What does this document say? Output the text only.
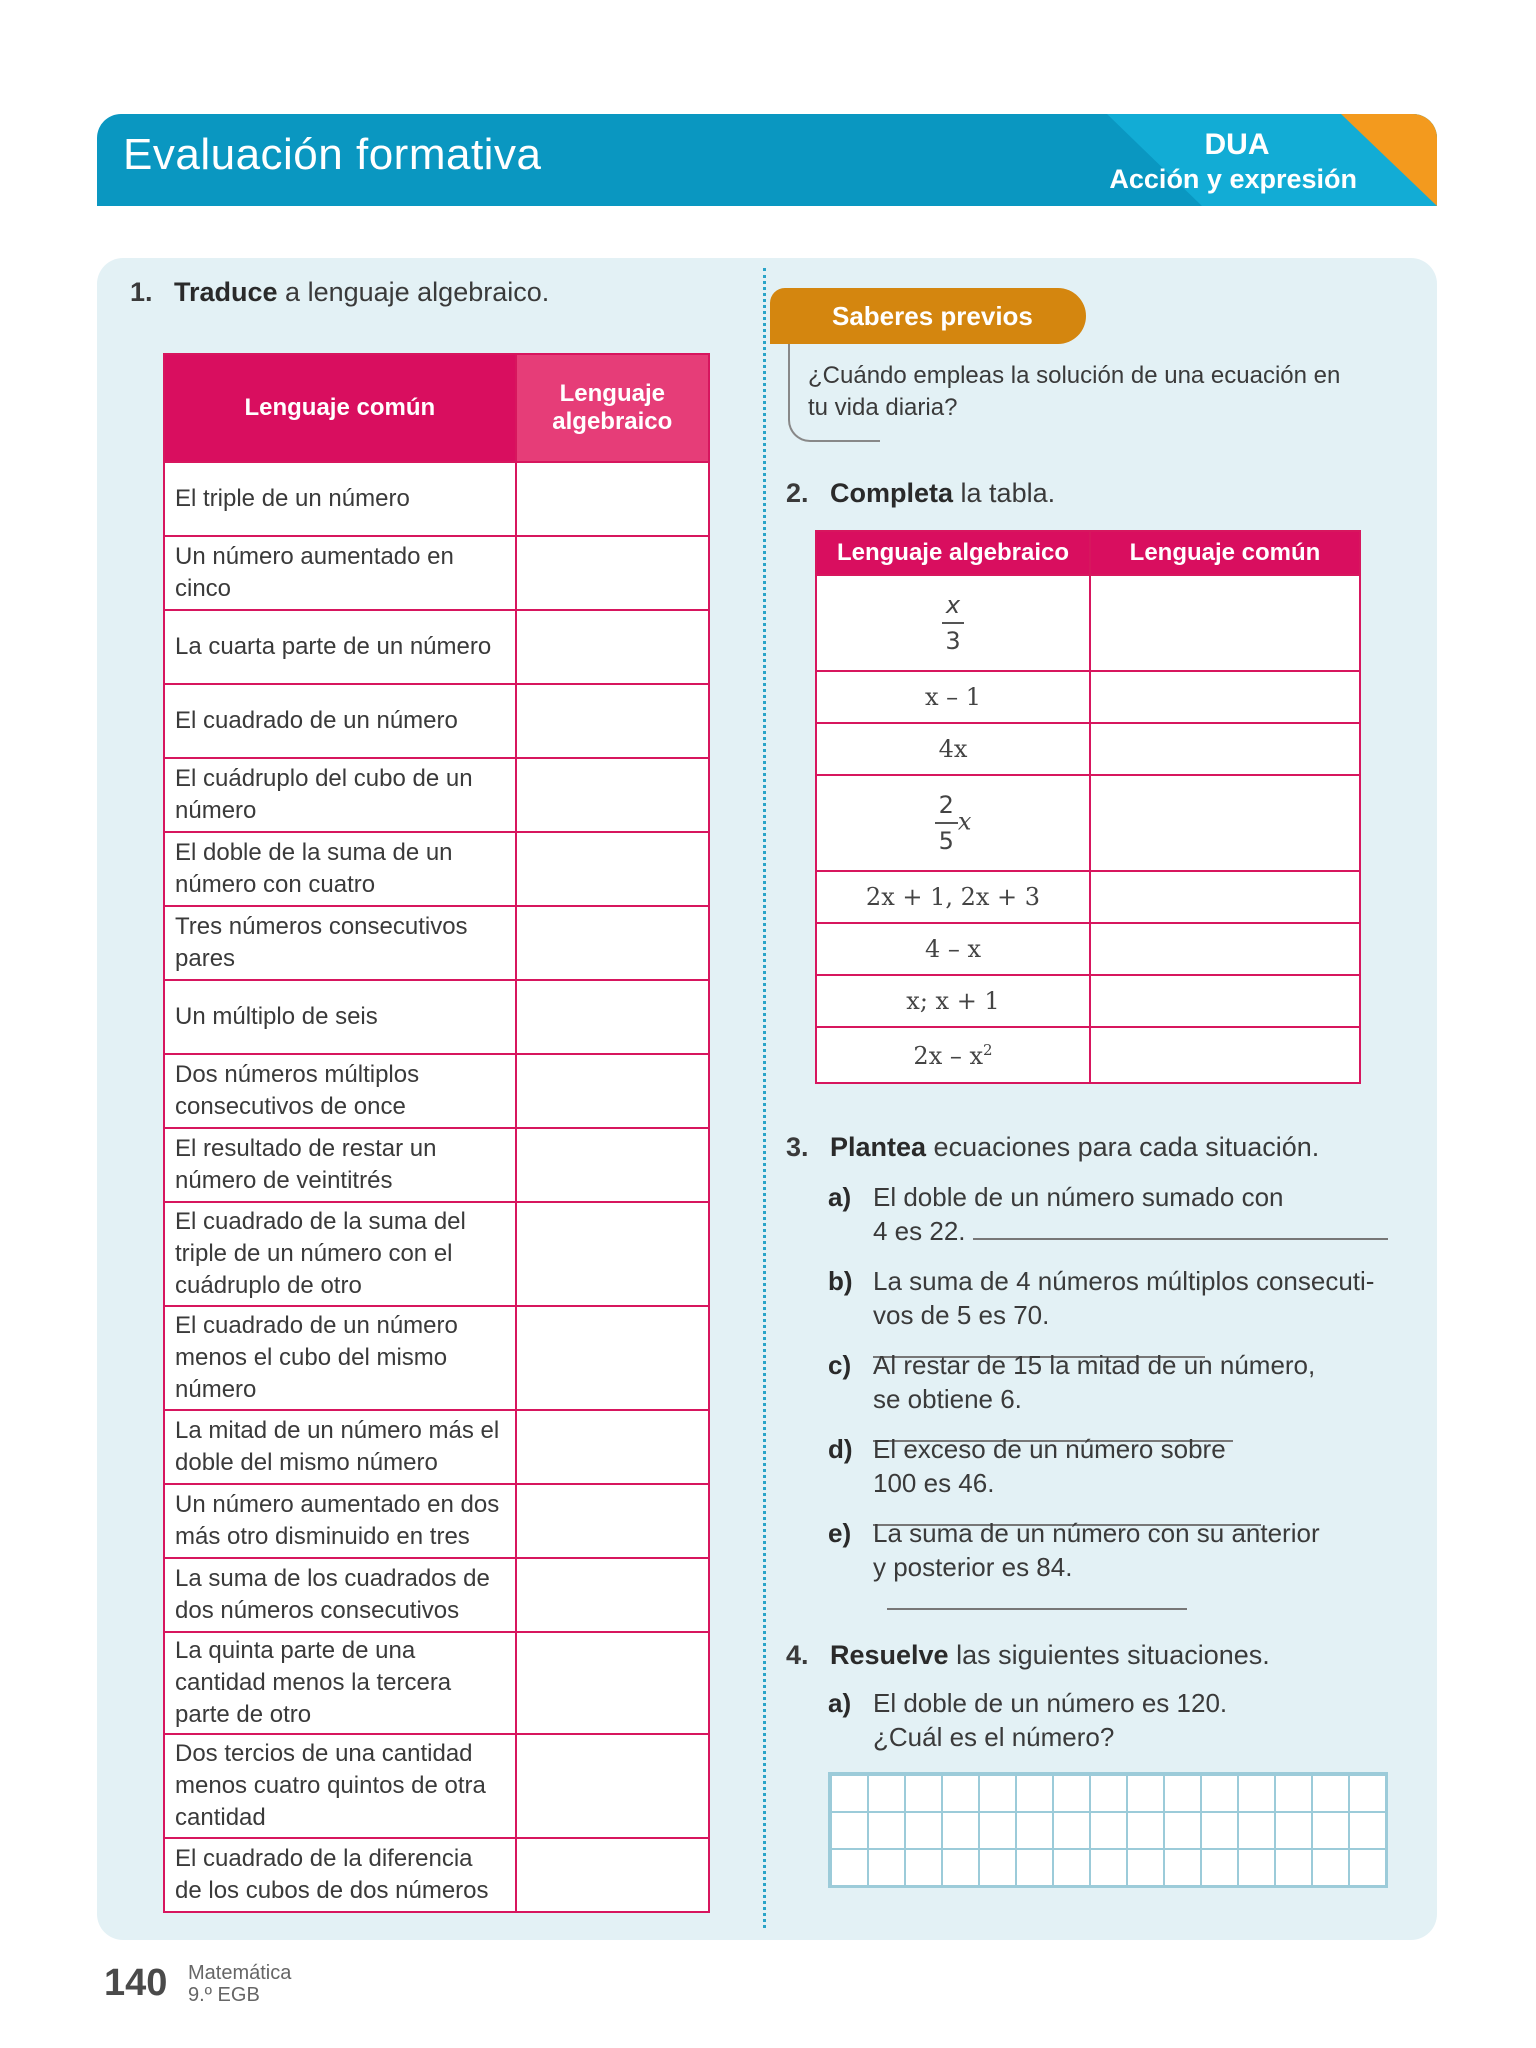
Evaluación formativa	DUA
Acción y expresión
1. Traduce a lenguaje algebraico.
Lenguaje común	Lenguaje algebraico
El triple de un número	
Un número aumentado en cinco	
La cuarta parte de un número	
El cuadrado de un número	
El cuádruplo del cubo de un número	
El doble de la suma de un número con cuatro	
Tres números consecutivos pares	
Un múltiplo de seis	
Dos números múltiplos consecutivos de once	
El resultado de restar un número de veintitrés	
El cuadrado de la suma del triple de un número con el cuádruplo de otro	
El cuadrado de un número menos el cubo del mismo número	
La mitad de un número más el doble del mismo número	
Un número aumentado en dos más otro disminuido en tres	
La suma de los cuadrados de dos números consecutivos	
La quinta parte de una cantidad menos la tercera parte de otro	
Dos tercios de una cantidad menos cuatro quintos de otra cantidad	
El cuadrado de la diferencia de los cubos de dos números	
Saberes previos
¿Cuándo empleas la solución de una ecuación en tu vida diaria?
2. Completa la tabla.
Lenguaje algebraico	Lenguaje común

$\frac{x}{3}$

x – 1	
4x	

$\frac{2}{5}$ x	
2x + 1, 2x + 3	
4 – x	
x; x + 1	
$2x - x^2$	
3. Plantea ecuaciones para cada situación.
a) El doble de un número sumado con
4 es 22.
b) La suma de 4 números múltiplos consecuti-
vos de 5 es 70.
c) Al restar de 15 la mitad de un número,
se obtiene 6.
d) El exceso de un número sobre
100 es 46.
e) La suma de un número con su anterior
y posterior es 84.
4. Resuelve las siguientes situaciones.
a) El doble de un número es 120.
¿Cuál es el número?
140 Matemática
9.º EGB
